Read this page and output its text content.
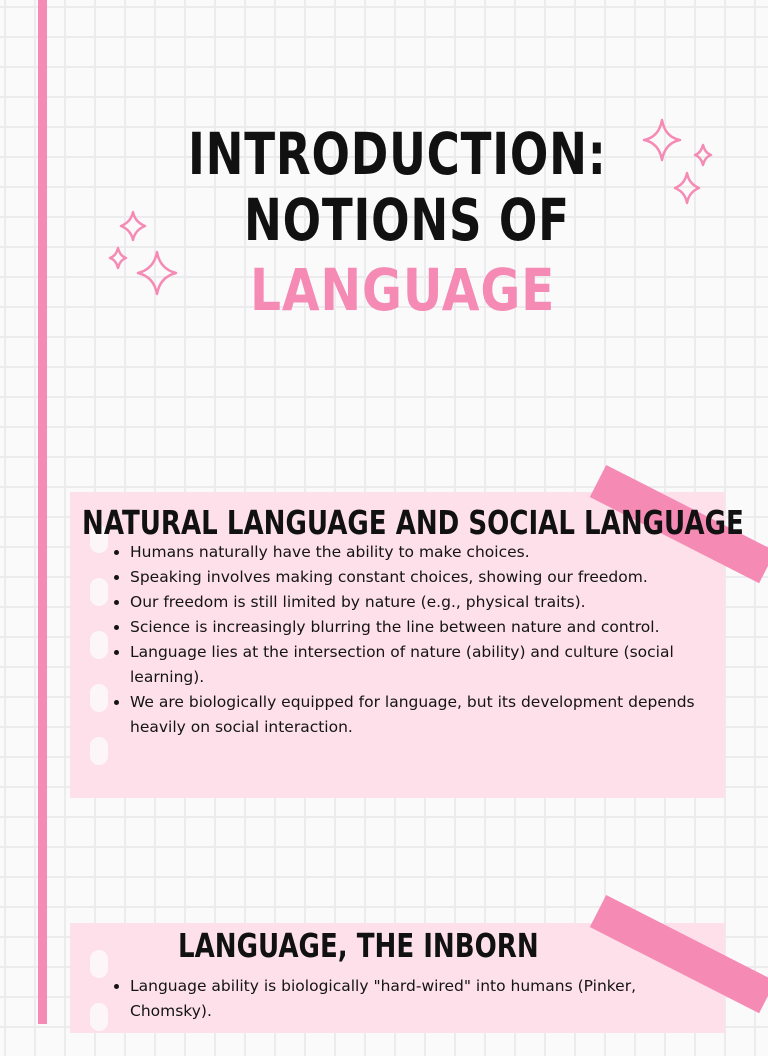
INTRODUCTION:
NOTIONS OF
LANGUAGE
NATURAL LANGUAGE AND SOCIAL LANGUAGE
• Humans naturally have the ability to make choices.
• Speaking involves making constant choices, showing our freedom.
• Our freedom is still limited by nature (e.g., physical traits).
• Science is increasingly blurring the line between nature and control.
• Language lies at the intersection of nature (ability) and culture (social learning).
• We are biologically equipped for language, but its development depends heavily on social interaction.
LANGUAGE, THE INBORN
• Language ability is biologically "hard-wired" into humans (Pinker, Chomsky).
